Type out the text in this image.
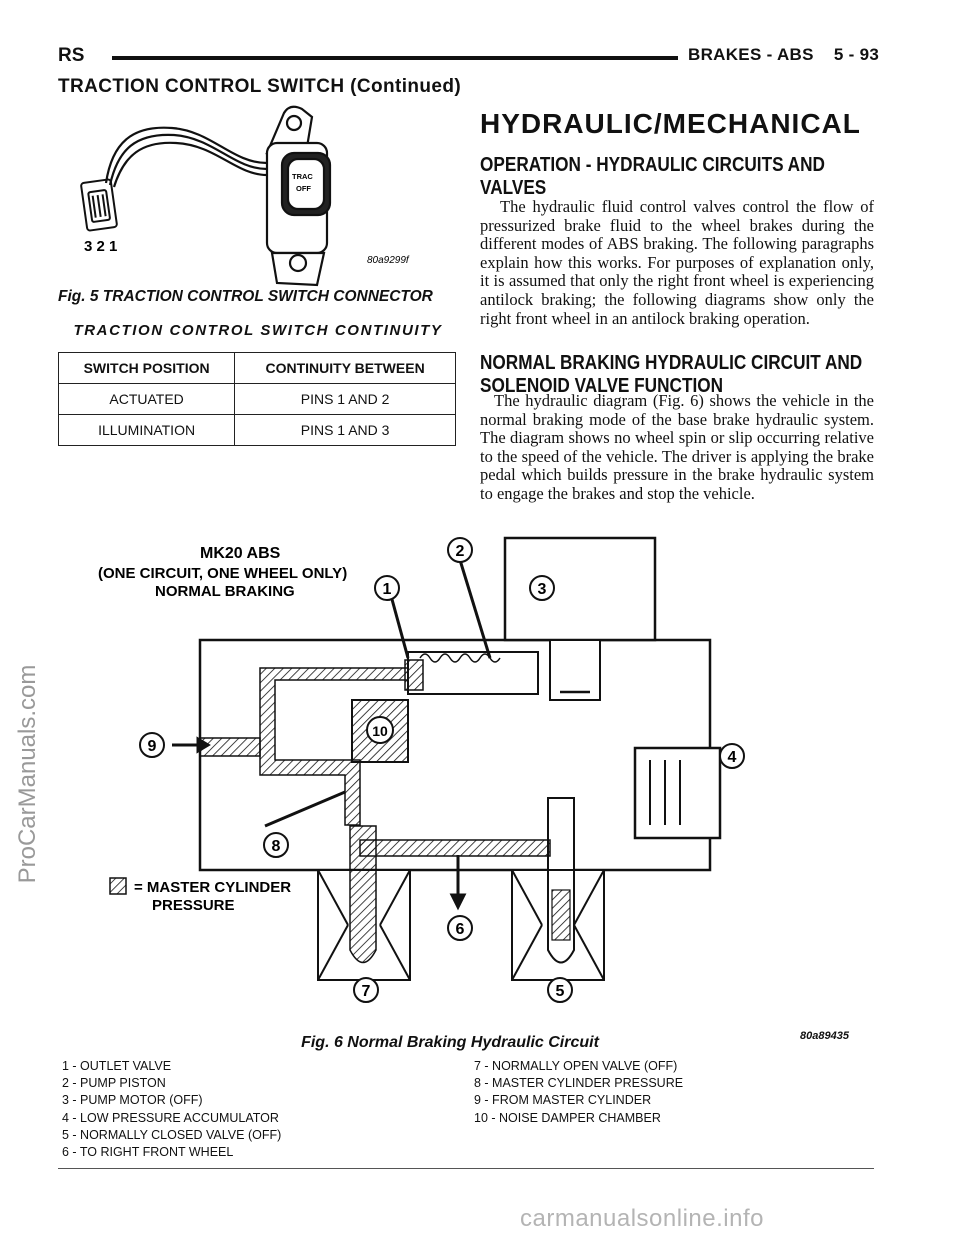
RS	BRAKES - ABS 5 - 93
TRACTION CONTROL SWITCH (Continued)
TRAC
OFF
3 2 1
80a9299f
Fig. 5 TRACTION CONTROL SWITCH CONNECTOR
TRACTION CONTROL SWITCH CONTINUITY
SWITCH POSITION	CONTINUITY BETWEEN
ACTUATED	PINS 1 AND 2
ILLUMINATION	PINS 1 AND 3
HYDRAULIC/MECHANICAL
OPERATION - HYDRAULIC CIRCUITS AND VALVES
The hydraulic fluid control valves control the flow of pressurized brake fluid to the wheel brakes during the different modes of ABS braking. The following paragraphs explain how this works. For purposes of explanation only, it is assumed that only the right front wheel is experiencing antilock braking; the following diagrams show only the right front wheel in an antilock braking operation.
NORMAL BRAKING HYDRAULIC CIRCUIT AND SOLENOID VALVE FUNCTION
The hydraulic diagram (Fig. 6) shows the vehicle in the normal braking mode of the base brake hydraulic system. The diagram shows no wheel spin or slip occurring relative to the speed of the vehicle. The driver is applying the brake pedal which builds pressure in the brake hydraulic system to engage the brakes and stop the vehicle.
MK20 ABS
(ONE CIRCUIT, ONE WHEEL ONLY)
NORMAL BRAKING
= MASTER CYLINDER
PRESSURE
1
2
3
4
5
6
7
8
9
10
Fig. 6 Normal Braking Hydraulic Circuit	80a89435
1 - OUTLET VALVE
2 - PUMP PISTON
3 - PUMP MOTOR (OFF)
4 - LOW PRESSURE ACCUMULATOR
5 - NORMALLY CLOSED VALVE (OFF)
6 - TO RIGHT FRONT WHEEL
7 - NORMALLY OPEN VALVE (OFF)
8 - MASTER CYLINDER PRESSURE
9 - FROM MASTER CYLINDER
10 - NOISE DAMPER CHAMBER
ProCarManuals.com
carmanualsonline.info
